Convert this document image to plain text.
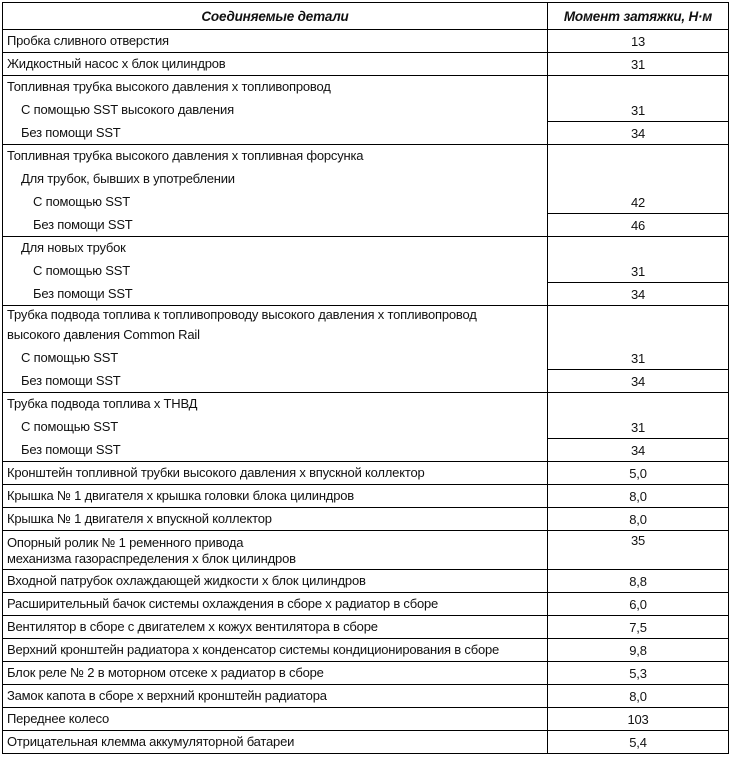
Соединяемые детали	Момент затяжки, Н·м
Пробка сливного отверстия	13
Жидкостный насос х блок цилиндров	31
Топливная трубка высокого давления х топливопровод	
С помощью SST высокого давления	31
Без помощи SST	34
Топливная трубка высокого давления х топливная форсунка	
Для трубок, бывших в употреблении	
С помощью SST	42
Без помощи SST	46
Для новых трубок	
С помощью SST	31
Без помощи SST	34
Трубка подвода топлива к топливопроводу высокого давления х топливопровод	
высокого давления Common Rail	
С помощью SST	31
Без помощи SST	34
Трубка подвода топлива х ТНВД	
С помощью SST	31
Без помощи SST	34
Кронштейн топливной трубки высокого давления х впускной коллектор	5,0
Крышка № 1 двигателя х крышка головки блока цилиндров	8,0
Крышка № 1 двигателя х впускной коллектор	8,0
Опорный ролик № 1 ременного привода	35
механизма газораспределения х блок цилиндров	
Входной патрубок охлаждающей жидкости х блок цилиндров	8,8
Расширительный бачок системы охлаждения в сборе х радиатор в сборе	6,0
Вентилятор в сборе с двигателем х кожух вентилятора в сборе	7,5
Верхний кронштейн радиатора х конденсатор системы кондиционирования в сборе	9,8
Блок реле № 2 в моторном отсеке х радиатор в сборе	5,3
Замок капота в сборе х верхний кронштейн радиатора	8,0
Переднее колесо	103
Отрицательная клемма аккумуляторной батареи	5,4
